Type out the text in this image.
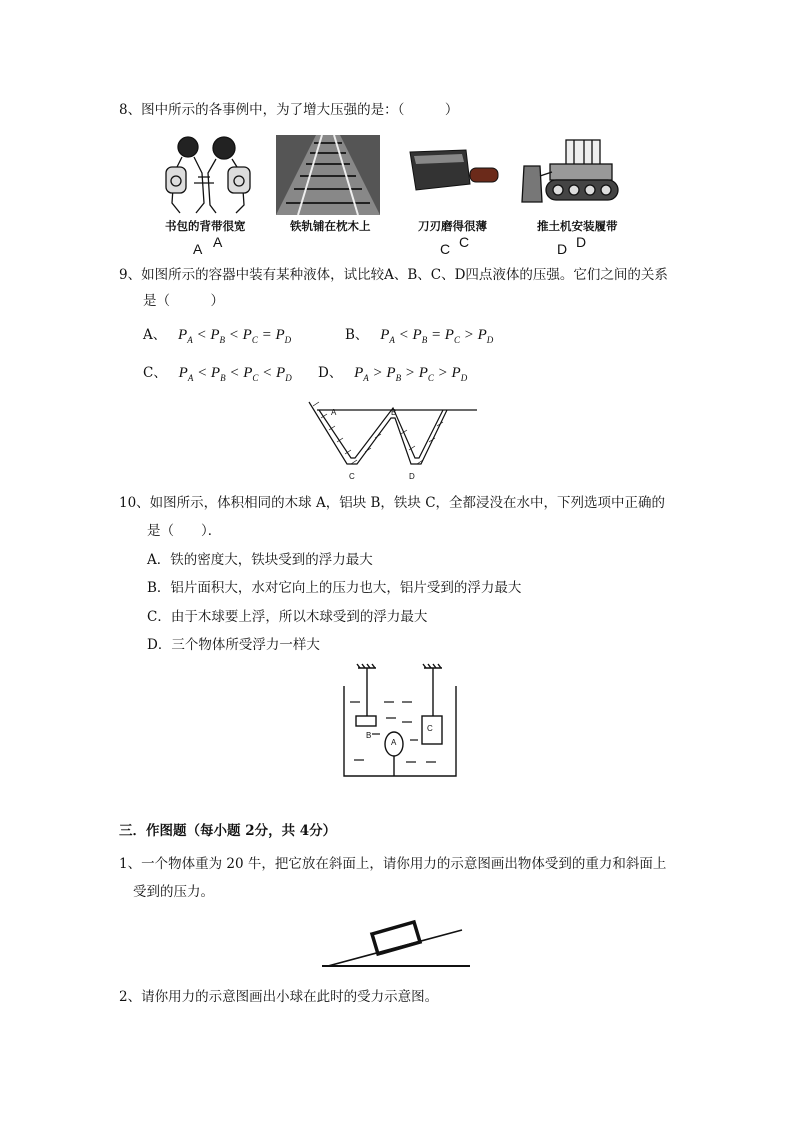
8、图中所示的各事例中，为了增大压强的是：（　　　）
书包的背带很宽
A A
铁轨铺在枕木上	刀刃磨得很薄
C C
推土机安装履带
D D
9、如图所示的容器中装有某种液体，试比较A、B、C、D四点液体的压强。它们之间的关系
是（　　　）
A、   $P_A < P_B < P_C = P_D$	B、   $P_A < P_B = P_C > P_D$
C、   $P_A < P_B < P_C < P_D$ D、   $P_A > P_B > P_C > P_D$
A	B
C	D
10、如图所示，体积相同的木球 A，铝块 B，铁块 C，全都浸没在水中，下列选项中正确的
是（　　）．
A．铁的密度大，铁块受到的浮力最大
B．铝片面积大，水对它向上的压力也大，铝片受到的浮力最大
C．由于木球要上浮，所以木球受到的浮力最大
D．三个物体所受浮力一样大
B
A
C
三．作图题（每小题 2分，共 4分）
1、一个物体重为 20 牛，把它放在斜面上，请你用力的示意图画出物体受到的重力和斜面上
受到的压力。
2、请你用力的示意图画出小球在此时的受力示意图。
